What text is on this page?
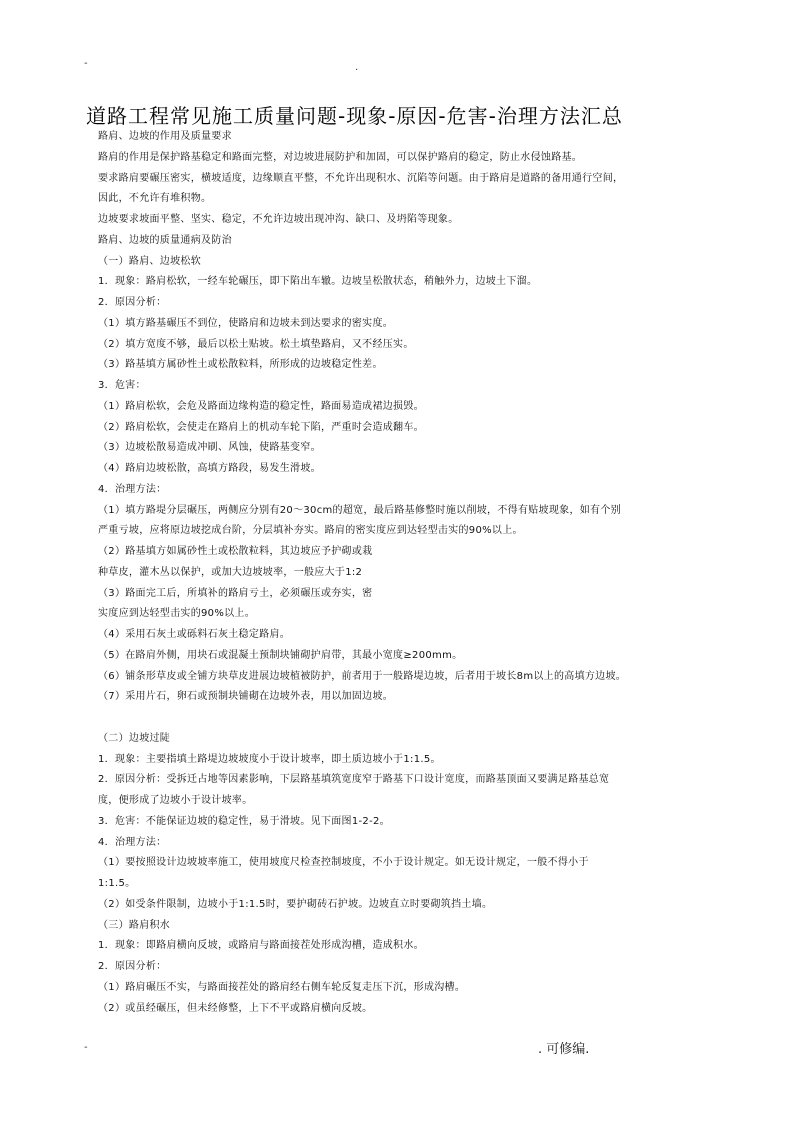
-	.
道路工程常见施工质量问题-现象-原因-危害-治理方法汇总
路肩、边坡的作用及质量要求
路肩的作用是保护路基稳定和路面完整，对边坡进展防护和加固，可以保护路肩的稳定，防止水侵蚀路基。
要求路肩要碾压密实，横坡适度，边缘顺直平整，不允许出现积水、沉陷等问题。由于路肩是道路的备用通行空间，
因此，不允许有堆积物。
边坡要求坡面平整、坚实、稳定，不允许边坡出现冲沟、缺口、及坍陷等现象。
路肩、边坡的质量通病及防治
（一）路肩、边坡松软
1．现象：路肩松软，一经车轮碾压，即下陷出车辙。边坡呈松散状态，稍触外力，边坡土下溜。
2．原因分析：
（1）填方路基碾压不到位，使路肩和边坡未到达要求的密实度。
（2）填方宽度不够，最后以松土贴坡。松土填垫路肩，又不经压实。
（3）路基填方属砂性土或松散粒料，所形成的边坡稳定性差。
3．危害：
（1）路肩松软，会危及路面边缘构造的稳定性，路面易造成裙边损毁。
（2）路肩松软，会使走在路肩上的机动车轮下陷，严重时会造成翻车。
（3）边坡松散易造成冲刷、风蚀，使路基变窄。
（4）路肩边坡松散，高填方路段，易发生滑坡。
4．治理方法：
（1）填方路堤分层碾压，两侧应分别有20～30cm的超宽，最后路基修整时施以削坡，不得有贴坡现象，如有个别
严重亏坡，应将原边坡挖成台阶，分层填补夯实。路肩的密实度应到达轻型击实的90%以上。
（2）路基填方如属砂性土或松散粒料，其边坡应予护砌或栽
种草皮，灌木丛以保护，或加大边坡坡率，一般应大于1:2
（3）路面完工后，所填补的路肩亏土，必须碾压或夯实，密
实度应到达轻型击实的90%以上。
（4）采用石灰土或砾料石灰土稳定路肩。
（5）在路肩外侧，用块石或混凝土预制块铺砌护肩带，其最小宽度≥200mm。
（6）铺条形草皮或全铺方块草皮进展边坡植被防护，前者用于一般路堤边坡，后者用于坡长8m以上的高填方边坡。
（7）采用片石，卵石或预制块铺砌在边坡外表，用以加固边坡。
（二）边坡过陡
1．现象：主要指填土路堤边坡坡度小于设计坡率，即土质边坡小于1:1.5。
2．原因分析：受拆迁占地等因素影响，下层路基填筑宽度窄于路基下口设计宽度，而路基顶面又要满足路基总宽
度，便形成了边坡小于设计坡率。
3．危害：不能保证边坡的稳定性，易于滑坡。见下面图1-2-2。
4．治理方法：
（1）要按照设计边坡坡率施工，使用坡度尺检查控制坡度，不小于设计规定。如无设计规定，一般不得小于
1:1.5。
（2）如受条件限制，边坡小于1:1.5时，要护砌砖石护坡。边坡直立时要砌筑挡土墙。
（三）路肩积水
1．现象：即路肩横向反坡，或路肩与路面接茬处形成沟槽，造成积水。
2．原因分析：
（1）路肩碾压不实，与路面接茬处的路肩经右侧车轮反复走压下沉，形成沟槽。
（2）或虽经碾压，但未经修整，上下不平或路肩横向反坡。
-	. 可修编.
